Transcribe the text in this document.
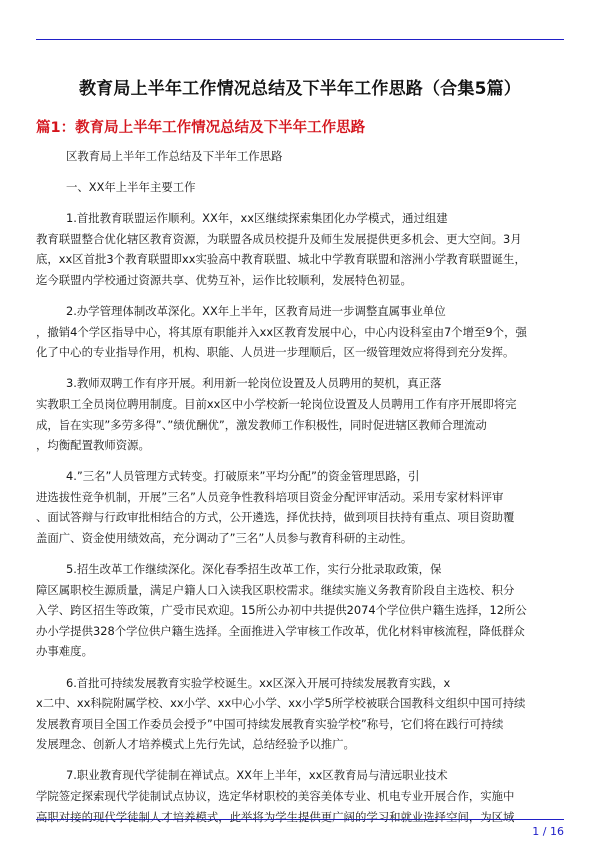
教育局上半年工作情况总结及下半年工作思路（合集5篇）
篇1：教育局上半年工作情况总结及下半年工作思路
区教育局上半年工作总结及下半年工作思路
一、XX年上半年主要工作
1.首批教育联盟运作顺利。XX年，xx区继续探索集团化办学模式，通过组建
教育联盟整合优化辖区教育资源，为联盟各成员校提升及师生发展提供更多机会、更大空间。3月
底，xx区首批3个教育联盟即xx实验高中教育联盟、城北中学教育联盟和溶洲小学教育联盟诞生，
迄今联盟内学校通过资源共享、优势互补，运作比较顺利，发展特色初显。
2.办学管理体制改革深化。XX年上半年，区教育局进一步调整直属事业单位
，撤销4个学区指导中心，将其原有职能并入xx区教育发展中心，中心内设科室由7个增至9个，强
化了中心的专业指导作用，机构、职能、人员进一步理顺后，区一级管理效应将得到充分发挥。
3.教师双聘工作有序开展。利用新一轮岗位设置及人员聘用的契机，真正落
实教职工全员岗位聘用制度。目前xx区中小学校新一轮岗位设置及人员聘用工作有序开展即将完
成，旨在实现”多劳多得”、”绩优酬优”，激发教师工作积极性，同时促进辖区教师合理流动
，均衡配置教师资源。
4.”三名”人员管理方式转变。打破原来”平均分配”的资金管理思路，引
进选拔性竞争机制，开展”三名”人员竞争性教科培项目资金分配评审活动。采用专家材料评审
、面试答辩与行政审批相结合的方式，公开遴选，择优扶持，做到项目扶持有重点、项目资助覆
盖面广、资金使用绩效高，充分调动了”三名”人员参与教育科研的主动性。
5.招生改革工作继续深化。深化春季招生改革工作，实行分批录取政策，保
障区属职校生源质量，满足户籍人口入读我区职校需求。继续实施义务教育阶段自主选校、积分
入学、跨区招生等政策，广受市民欢迎。15所公办初中共提供2074个学位供户籍生选择，12所公
办小学提供328个学位供户籍生选择。全面推进入学审核工作改革，优化材料审核流程，降低群众
办事难度。
6.首批可持续发展教育实验学校诞生。xx区深入开展可持续发展教育实践，x
x二中、xx科院附属学校、xx小学、xx中心小学、xx小学5所学校被联合国教科文组织中国可持续
发展教育项目全国工作委员会授予”中国可持续发展教育实验学校”称号，它们将在践行可持续
发展理念、创新人才培养模式上先行先试，总结经验予以推广。
7.职业教育现代学徒制在禅试点。XX年上半年，xx区教育局与清远职业技术
学院签定探索现代学徒制试点协议，选定华材职校的美容美体专业、机电专业开展合作，实施中
高职对接的现代学徒制人才培养模式，此举将为学生提供更广阔的学习和就业选择空间，为区域
1 / 16
